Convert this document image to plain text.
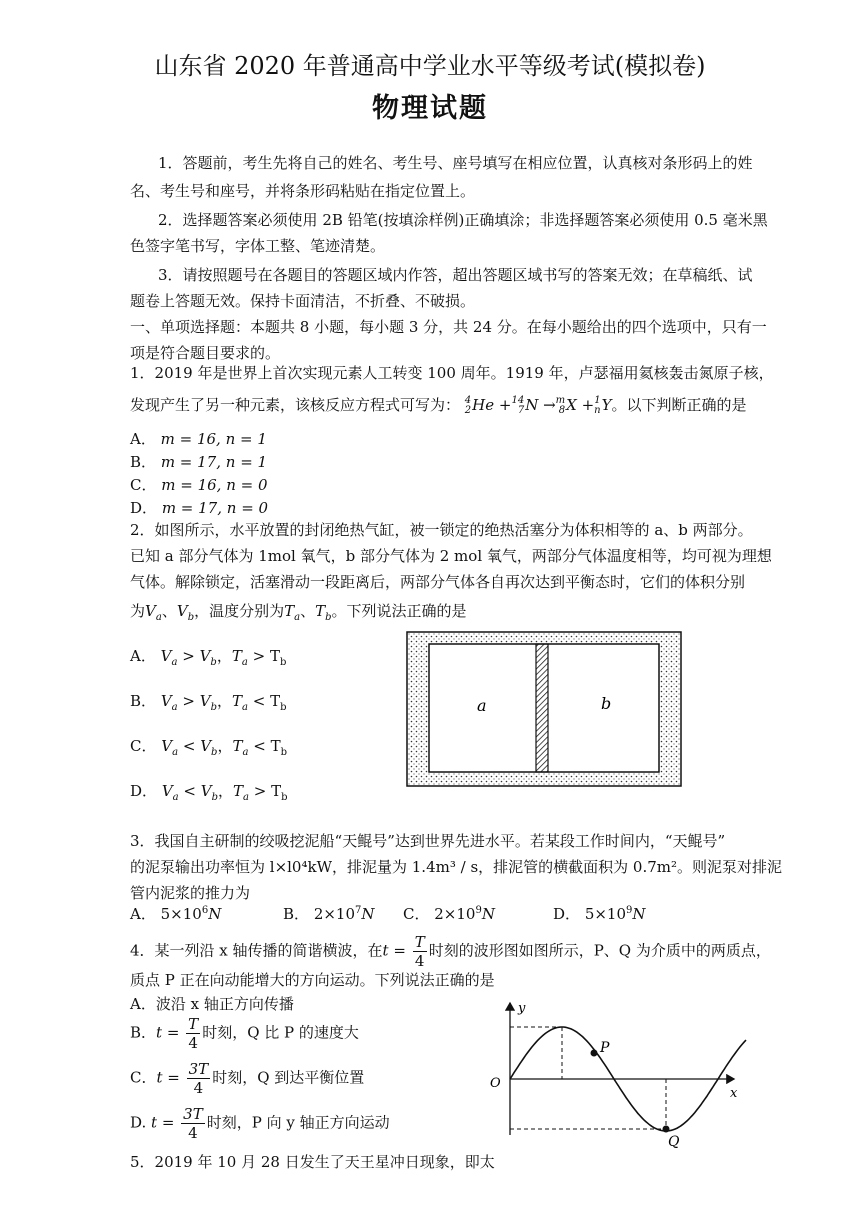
山东省 2020 年普通高中学业水平等级考试(模拟卷)
物理试题
1．答题前，考生先将自己的姓名、考生号、座号填写在相应位置，认真核对条形码上的姓
名、考生号和座号，并将条形码粘贴在指定位置上。
2．选择题答案必须使用 2B 铅笔(按填涂样例)正确填涂；非选择题答案必须使用 0.5 毫米黑
色签字笔书写，字体工整、笔迹清楚。
3．请按照题号在各题目的答题区域内作答，超出答题区域书写的答案无效；在草稿纸、试
题卷上答题无效。保持卡面清洁，不折叠、不破损。
一、单项选择题：本题共 8 小题，每小题 3 分，共 24 分。在每小题给出的四个选项中，只有一
项是符合题目要求的。
1．2019 年是世界上首次实现元素人工转变 100 周年。1919 年，卢瑟福用氦核轰击氮原子核，
发现产生了另一种元素，该核反应方程式可写为： 4
2 He + 14
7 N → m
8 X + 1
n Y。以下判断正确的是
A． m = 16, n = 1
B． m = 17, n = 1
C． m = 16, n = 0
D． m = 17, n = 0
2．如图所示，水平放置的封闭绝热气缸，被一锁定的绝热活塞分为体积相等的 a、b 两部分。
已知 a 部分气体为 1mol 氧气，b 部分气体为 2 mol 氧气，两部分气体温度相等，均可视为理想
气体。解除锁定，活塞滑动一段距离后，两部分气体各自再次达到平衡态时，它们的体积分别
为$V_a$、$V_b$，温度分别为$T_a$、$T_b$。下列说法正确的是
A． $V_a > V_b$，$T_a > T_b$
B． $V_a > V_b$，$T_a < T_b$
C． $V_a < V_b$，$T_a < T_b$
D． $V_a < V_b$，$T_a > T_b$
a	b
3．我国自主研制的绞吸挖泥船“天鲲号”达到世界先进水平。若某段工作时间内，“天鲲号”
的泥泵输出功率恒为 l×l0⁴kW，排泥量为 1.4m³ / s，排泥管的横截面积为 0.7m²。则泥泵对排泥
管内泥浆的推力为
A． $5\times 10^6N$	B． $2\times 10^7N$ C． $2\times 10^9N$	D． $5\times 10^9N$
4．某一列沿 x 轴传播的简谐横波，在$t = \frac{T}{4}$ 时刻的波形图如图所示，P、Q 为介质中的两质点，
质点 P 正在向动能增大的方向运动。下列说法正确的是
A．波沿 x 轴正方向传播
B．$t = \frac{T}{4}$ 时刻，Q 比 P 的速度大
C．$t = \frac{3T}{4}$ 时刻，Q 到达平衡位置
D. $t = \frac{3T}{4}$ 时刻，P 向 y 轴正方向运动
y
x
O
P
Q
5．2019 年 10 月 28 日发生了天王星冲日现象，即太
